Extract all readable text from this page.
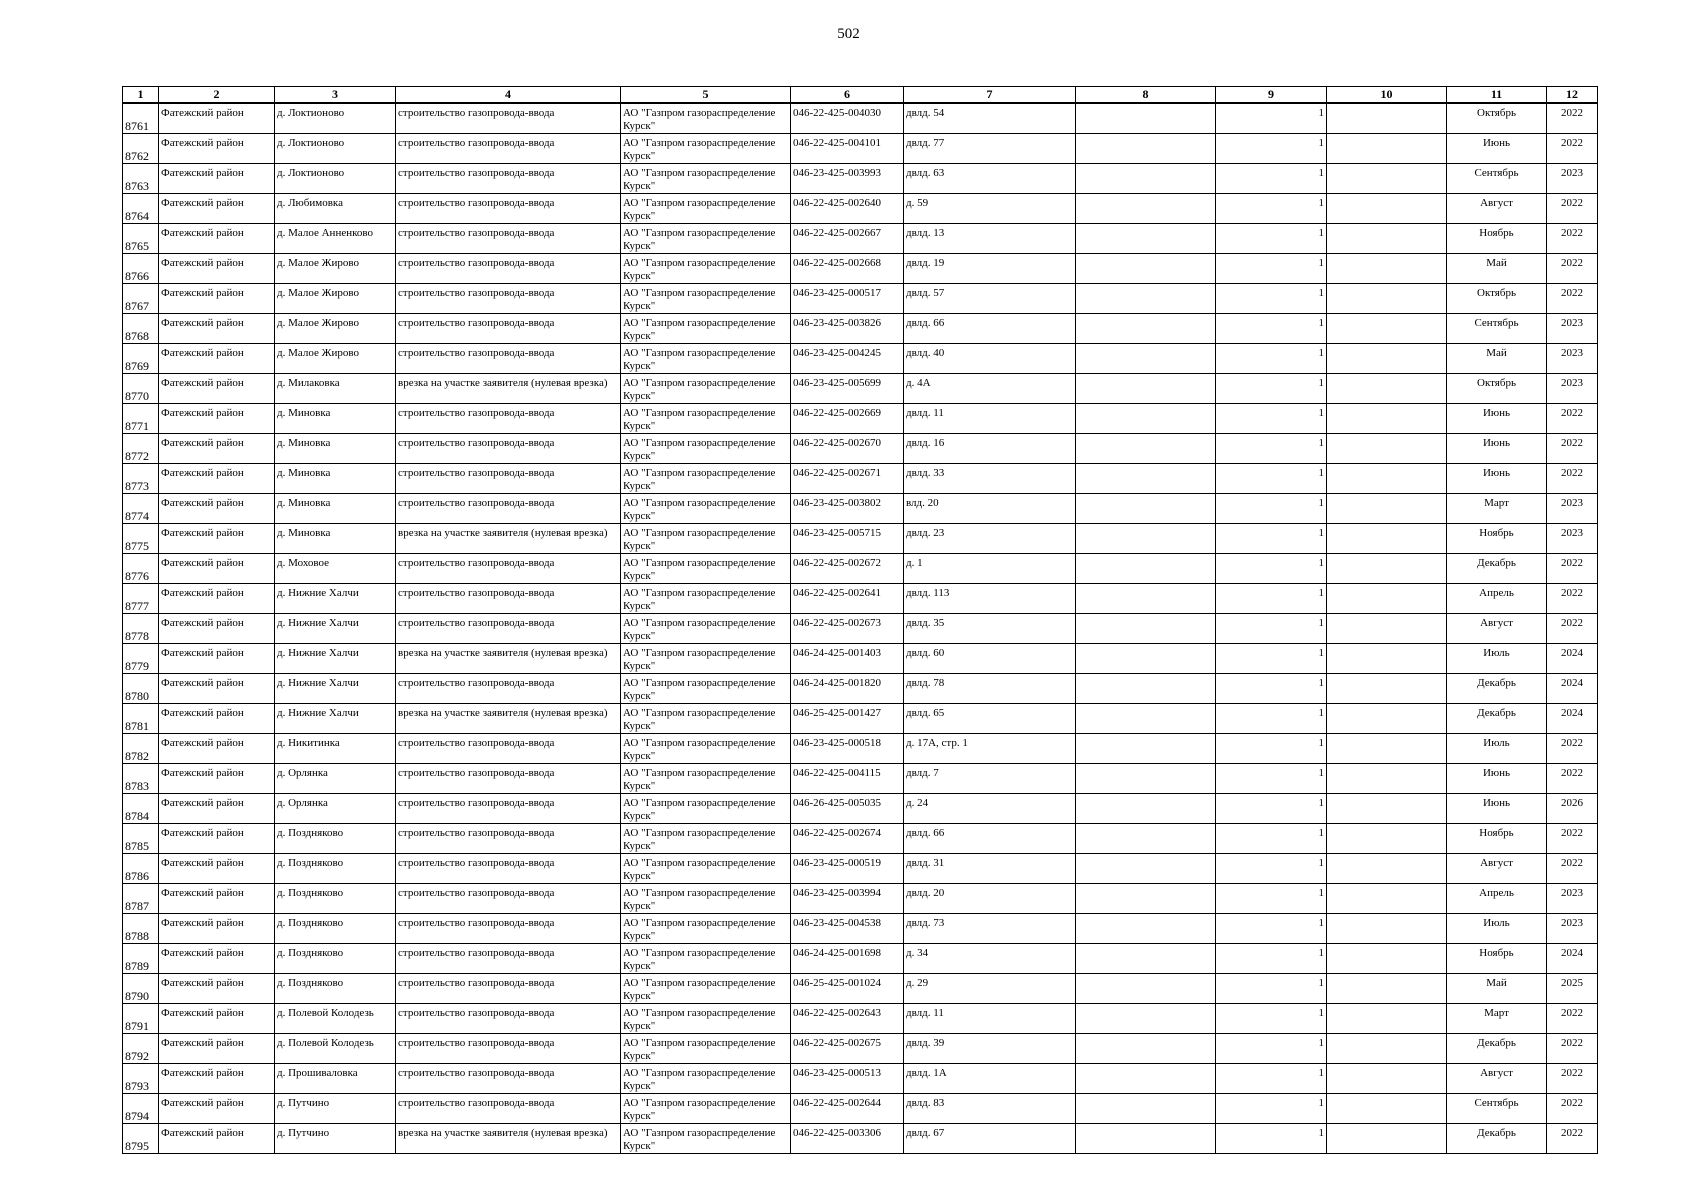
502
1	2	3	4	5	6	7	8	9	10	11	12
8761	Фатежский район	д. Локтионово	строительство газопровода-ввода	АО "Газпром газораспределение Курск"	046-22-425-004030	двлд. 54		1		Октябрь	2022
8762	Фатежский район	д. Локтионово	строительство газопровода-ввода	АО "Газпром газораспределение Курск"	046-22-425-004101	двлд. 77		1		Июнь	2022
8763	Фатежский район	д. Локтионово	строительство газопровода-ввода	АО "Газпром газораспределение Курск"	046-23-425-003993	двлд. 63		1		Сентябрь	2023
8764	Фатежский район	д. Любимовка	строительство газопровода-ввода	АО "Газпром газораспределение Курск"	046-22-425-002640	д. 59		1		Август	2022
8765	Фатежский район	д. Малое Анненково	строительство газопровода-ввода	АО "Газпром газораспределение Курск"	046-22-425-002667	двлд. 13		1		Ноябрь	2022
8766	Фатежский район	д. Малое Жирово	строительство газопровода-ввода	АО "Газпром газораспределение Курск"	046-22-425-002668	двлд. 19		1		Май	2022
8767	Фатежский район	д. Малое Жирово	строительство газопровода-ввода	АО "Газпром газораспределение Курск"	046-23-425-000517	двлд. 57		1		Октябрь	2022
8768	Фатежский район	д. Малое Жирово	строительство газопровода-ввода	АО "Газпром газораспределение Курск"	046-23-425-003826	двлд. 66		1		Сентябрь	2023
8769	Фатежский район	д. Малое Жирово	строительство газопровода-ввода	АО "Газпром газораспределение Курск"	046-23-425-004245	двлд. 40		1		Май	2023
8770	Фатежский район	д. Милаковка	врезка на участке заявителя (нулевая врезка)	АО "Газпром газораспределение Курск"	046-23-425-005699	д. 4А		1		Октябрь	2023
8771	Фатежский район	д. Миновка	строительство газопровода-ввода	АО "Газпром газораспределение Курск"	046-22-425-002669	двлд. 11		1		Июнь	2022
8772	Фатежский район	д. Миновка	строительство газопровода-ввода	АО "Газпром газораспределение Курск"	046-22-425-002670	двлд. 16		1		Июнь	2022
8773	Фатежский район	д. Миновка	строительство газопровода-ввода	АО "Газпром газораспределение Курск"	046-22-425-002671	двлд. 33		1		Июнь	2022
8774	Фатежский район	д. Миновка	строительство газопровода-ввода	АО "Газпром газораспределение Курск"	046-23-425-003802	влд. 20		1		Март	2023
8775	Фатежский район	д. Миновка	врезка на участке заявителя (нулевая врезка)	АО "Газпром газораспределение Курск"	046-23-425-005715	двлд. 23		1		Ноябрь	2023
8776	Фатежский район	д. Моховое	строительство газопровода-ввода	АО "Газпром газораспределение Курск"	046-22-425-002672	д. 1		1		Декабрь	2022
8777	Фатежский район	д. Нижние Халчи	строительство газопровода-ввода	АО "Газпром газораспределение Курск"	046-22-425-002641	двлд. 113		1		Апрель	2022
8778	Фатежский район	д. Нижние Халчи	строительство газопровода-ввода	АО "Газпром газораспределение Курск"	046-22-425-002673	двлд. 35		1		Август	2022
8779	Фатежский район	д. Нижние Халчи	врезка на участке заявителя (нулевая врезка)	АО "Газпром газораспределение Курск"	046-24-425-001403	двлд. 60		1		Июль	2024
8780	Фатежский район	д. Нижние Халчи	строительство газопровода-ввода	АО "Газпром газораспределение Курск"	046-24-425-001820	двлд. 78		1		Декабрь	2024
8781	Фатежский район	д. Нижние Халчи	врезка на участке заявителя (нулевая врезка)	АО "Газпром газораспределение Курск"	046-25-425-001427	двлд. 65		1		Декабрь	2024
8782	Фатежский район	д. Никитинка	строительство газопровода-ввода	АО "Газпром газораспределение Курск"	046-23-425-000518	д. 17А, стр. 1		1		Июль	2022
8783	Фатежский район	д. Орлянка	строительство газопровода-ввода	АО "Газпром газораспределение Курск"	046-22-425-004115	двлд. 7		1		Июнь	2022
8784	Фатежский район	д. Орлянка	строительство газопровода-ввода	АО "Газпром газораспределение Курск"	046-26-425-005035	д. 24		1		Июнь	2026
8785	Фатежский район	д. Поздняково	строительство газопровода-ввода	АО "Газпром газораспределение Курск"	046-22-425-002674	двлд. 66		1		Ноябрь	2022
8786	Фатежский район	д. Поздняково	строительство газопровода-ввода	АО "Газпром газораспределение Курск"	046-23-425-000519	двлд. 31		1		Август	2022
8787	Фатежский район	д. Поздняково	строительство газопровода-ввода	АО "Газпром газораспределение Курск"	046-23-425-003994	двлд. 20		1		Апрель	2023
8788	Фатежский район	д. Поздняково	строительство газопровода-ввода	АО "Газпром газораспределение Курск"	046-23-425-004538	двлд. 73		1		Июль	2023
8789	Фатежский район	д. Поздняково	строительство газопровода-ввода	АО "Газпром газораспределение Курск"	046-24-425-001698	д. 34		1		Ноябрь	2024
8790	Фатежский район	д. Поздняково	строительство газопровода-ввода	АО "Газпром газораспределение Курск"	046-25-425-001024	д. 29		1		Май	2025
8791	Фатежский район	д. Полевой Колодезь	строительство газопровода-ввода	АО "Газпром газораспределение Курск"	046-22-425-002643	двлд. 11		1		Март	2022
8792	Фатежский район	д. Полевой Колодезь	строительство газопровода-ввода	АО "Газпром газораспределение Курск"	046-22-425-002675	двлд. 39		1		Декабрь	2022
8793	Фатежский район	д. Прошиваловка	строительство газопровода-ввода	АО "Газпром газораспределение Курск"	046-23-425-000513	двлд. 1А		1		Август	2022
8794	Фатежский район	д. Путчино	строительство газопровода-ввода	АО "Газпром газораспределение Курск"	046-22-425-002644	двлд. 83		1		Сентябрь	2022
8795	Фатежский район	д. Путчино	врезка на участке заявителя (нулевая врезка)	АО "Газпром газораспределение Курск"	046-22-425-003306	двлд. 67		1		Декабрь	2022
